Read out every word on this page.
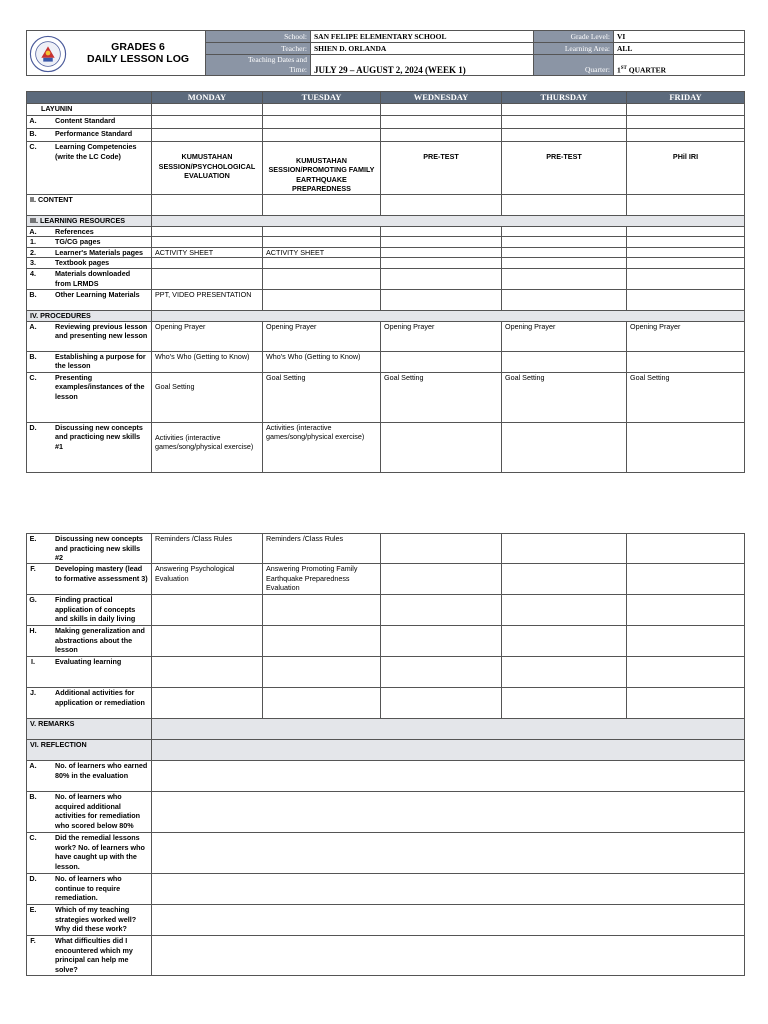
GRADES 6
DAILY LESSON LOG	School:	SAN FELIPE ELEMENTARY SCHOOL	Grade Level:	VI
	Teacher:	SHIEN D. ORLANDA	Learning Area:	ALL

	Teaching Dates and
Time:	JULY 29 – AUGUST 2, 2024 (WEEK 1)	Quarter:	1ST QUARTER
	MONDAY	TUESDAY	WEDNESDAY	THURSDAY	FRIDAY
LAYUNIN					
A. Content Standard					
B. Performance Standard					
C. Learning Competencies (write the LC Code)	KUMUSTAHAN SESSION/PSYCHOLOGICAL EVALUATION	KUMUSTAHAN SESSION/PROMOTING FAMILY EARTHQUAKE PREPAREDNESS	PRE-TEST	PRE-TEST	PHil IRI
II. CONTENT					
III. LEARNING RESOURCES					
A. References					
1. TG/CG pages					
2. Learner's Materials pages	ACTIVITY SHEET	ACTIVITY SHEET			
3. Textbook pages					
4. Materials downloaded from LRMDS					
B. Other Learning Materials	PPT, VIDEO PRESENTATION				
IV. PROCEDURES					
A. Reviewing previous lesson and presenting new lesson	Opening Prayer	Opening Prayer	Opening Prayer	Opening Prayer	Opening Prayer
B. Establishing a purpose for the lesson	Who's Who (Getting to Know)	Who's Who (Getting to Know)			
C. Presenting examples/instances of the lesson	Goal Setting	Goal Setting	Goal Setting	Goal Setting	Goal Setting
D. Discussing new concepts and practicing new skills #1	Activities (interactive games/song/physical exercise)	Activities (interactive games/song/physical exercise)			
E. Discussing new concepts and practicing new skills #2	Reminders /Class Rules	Reminders /Class Rules			
F. Developing mastery (lead to formative assessment 3)	Answering Psychological Evaluation	Answering Promoting Family Earthquake Preparedness Evaluation			
G. Finding practical application of concepts and skills in daily living					
H. Making generalization and abstractions about the lesson					
I. Evaluating learning					
J. Additional activities for application or remediation					
V. REMARKS					
VI. REFLECTION					
A. No. of learners who earned 80% in the evaluation					
B. No. of learners who acquired additional activities for remediation who scored below 80%					
C. Did the remedial lessons work? No. of learners who have caught up with the lesson.					
D. No. of learners who continue to require remediation.					
E. Which of my teaching strategies worked well? Why did these work?					
F. What difficulties did I encountered which my principal can help me solve?					
